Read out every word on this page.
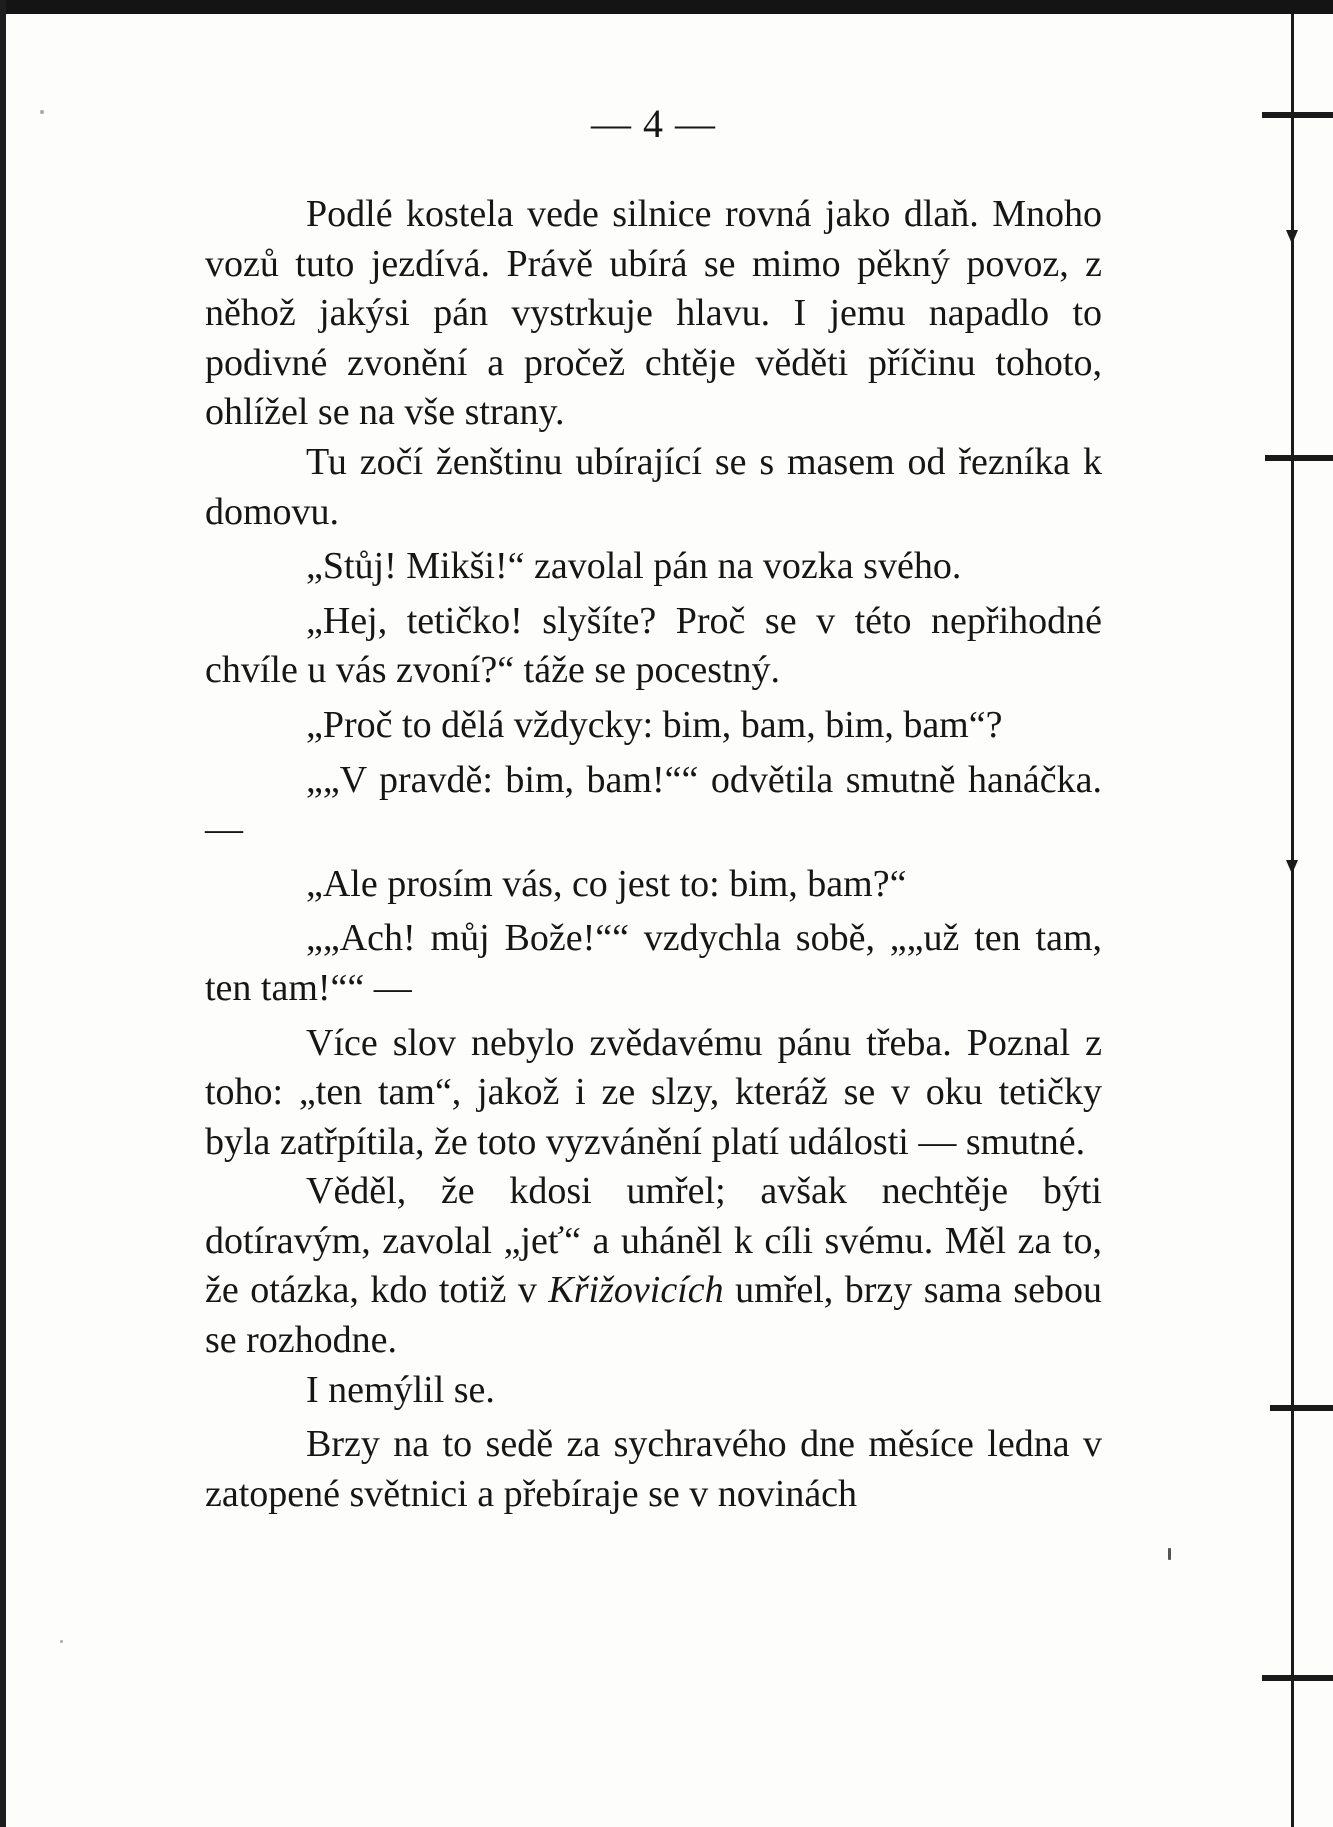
— 4 —

Podlé kostela vede silnice rovná jako dlaň. Mnoho vozů tuto jezdívá. Právě ubírá se mimo pěkný povoz, z něhož jakýsi pán vystrkuje hlavu. I jemu napadlo to podivné zvonění a pročež chtěje věděti příčinu tohoto, ohlížel se na vše strany.

Tu zočí ženštinu ubírající se s masem od řezníka k domovu.

„Stůj! Mikši!“ zavolal pán na vozka svého.

„Hej, tetičko! slyšíte? Proč se v této nepřihodné chvíle u vás zvoní?“ táže se pocestný.

„Proč to dělá vždycky: bim, bam, bim, bam“?

„„V pravdě: bim, bam!““ odvětila smutně hanáčka. —

„Ale prosím vás, co jest to: bim, bam?“

„„Ach! můj Bože!““ vzdychla sobě, „„už ten tam, ten tam!““ —

Více slov nebylo zvědavému pánu třeba. Poznal z toho: „ten tam“, jakož i ze slzy, kteráž se v oku tetičky byla zatřpítila, že toto vyzvánění platí události — smutné.

Věděl, že kdosi umřel; avšak nechtěje býti dotíravým, zavolal „jeť“ a uháněl k cíli svému. Měl za to, že otázka, kdo totiž v Křižovicích umřel, brzy sama sebou se rozhodne.

I nemýlil se.

Brzy na to sedě za sychravého dne měsíce ledna v zatopené světnici a přebíraje se v novinách
